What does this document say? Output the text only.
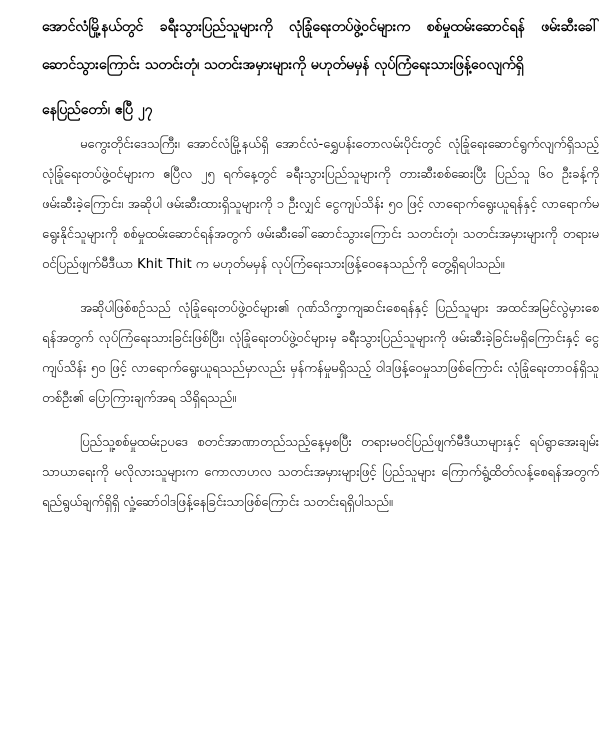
အောင်လံမြို့နယ်တွင် ခရီးသွားပြည်သူများကို လုံခြုံရေးတပ်ဖွဲ့ဝင်များက စစ်မှုထမ်းဆောင်ရန် ဖမ်းဆီးခေါ်ဆောင်သွားကြောင်း သတင်းတုံ၊ သတင်းအမှားများကို မဟုတ်မမှန် လုပ်ကြံရေးသားဖြန့်ဝေလျက်ရှိ
နေပြည်တော်၊ ဧပြီ ၂၇

မကွေးတိုင်းဒေသကြီး၊ အောင်လံမြို့နယ်ရှိ အောင်လံ-ရွှေပန်းတောလမ်းပိုင်းတွင် လုံခြုံရေးဆောင်ရွက်လျက်ရှိသည့် လုံခြုံရေးတပ်ဖွဲ့ဝင်များက ဧပြီလ ၂၅ ရက်နေ့တွင် ခရီးသွားပြည်သူများကို တားဆီးစစ်ဆေးပြီး ပြည်သူ ၆၀ ဦးခန့်ကို ဖမ်းဆီးခဲ့ကြောင်း၊ အဆိုပါ ဖမ်းဆီးထားရှိသူများကို ၁ ဦးလျှင် ငွေကျပ်သိန်း ၅၀ ဖြင့် လာရောက်ရွေးယူရန်နှင့် လာရောက်မရွေးနိုင်သူများကို စစ်မှုထမ်းဆောင်ရန်အတွက် ဖမ်းဆီးခေါ်ဆောင်သွားကြောင်း သတင်းတုံ၊ သတင်းအမှားများကို တရားမဝင်ပြည်ဖျက်မီဒီယာ Khit Thit က မဟုတ်မမှန် လုပ်ကြံရေးသားဖြန့်ဝေနေသည်ကို တွေ့ရှိရပါသည်။

အဆိုပါဖြစ်စဉ်သည် လုံခြုံရေးတပ်ဖွဲ့ဝင်များ၏ ဂုဏ်သိက္ခာကျဆင်းစေရန်နှင့် ပြည်သူများ အထင်အမြင်လွဲမှားစေရန်အတွက် လုပ်ကြံရေးသားခြင်းဖြစ်ပြီး၊ လုံခြုံရေးတပ်ဖွဲ့ဝင်များမှ ခရီးသွားပြည်သူများကို ဖမ်းဆီးခဲ့ခြင်းမရှိကြောင်းနှင့် ငွေကျပ်သိန်း ၅၀ ဖြင့် လာရောက်ရွေးယူရသည်မှာလည်း မှန်ကန်မှုမရှိသည့် ဝါဒဖြန့်ဝေမှုသာဖြစ်ကြောင်း လုံခြုံရေးတာဝန်ရှိသူတစ်ဦး၏ ပြောကြားချက်အရ သိရှိရသည်။

ပြည်သူ့စစ်မှုထမ်းဥပဒေ စတင်အာဏာတည်သည့်နေ့မှစပြီး တရားမဝင်ပြည်ဖျက်မီဒီယာများနှင့် ရပ်ရွာအေးချမ်းသာယာရေးကို မလိုလားသူများက ကောလာဟလ သတင်းအမှားများဖြင့် ပြည်သူများ ကြောက်ရွံ့ထိတ်လန့်စေရန်အတွက် ရည်ရွယ်ချက်ရှိရှိ လှုံ့ဆော်ဝါဒဖြန့်နေခြင်းသာဖြစ်ကြောင်း သတင်းရရှိပါသည်။
